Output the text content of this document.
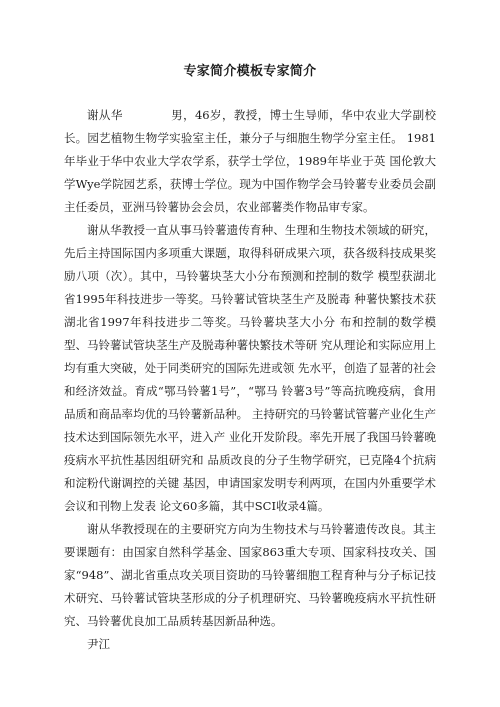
专家简介模板专家简介

谢从华	男，46岁，教授，博士生导师，华中农业大学副校长。园艺植物生物学实验室主任，兼分子与细胞生物学分室主任。 1981年毕业于华中农业大学农学系，获学士学位，1989年毕业于英 国伦敦大学Wye学院园艺系，获博士学位。现为中国作物学会马铃薯专业委员会副主任委员，亚洲马铃薯协会会员，农业部薯类作物品审专家。

谢从华教授一直从事马铃薯遗传育种、生理和生物技术领域的研究，先后主持国际国内多项重大课题，取得科研成果六项，获各级科技成果奖励八项（次）。其中，马铃薯块茎大小分布预测和控制的数学 模型获湖北省1995年科技进步一等奖。马铃薯试管块茎生产及脱毒 种薯快繁技术获湖北省1997年科技进步二等奖。马铃薯块茎大小分 布和控制的数学模型、马铃薯试管块茎生产及脱毒种薯快繁技术等研 究从理论和实际应用上均有重大突破，处于同类研究的国际先进或领 先水平，创造了显著的社会和经济效益。育成“鄂马铃薯1号”，“鄂马 铃薯3号”等高抗晚疫病，食用品质和商品率均优的马铃薯新品种。 主持研究的马铃薯试管薯产业化生产技术达到国际领先水平，进入产 业化开发阶段。率先开展了我国马铃薯晚疫病水平抗性基因组研究和 品质改良的分子生物学研究，已克隆4个抗病和淀粉代谢调控的关键 基因，申请国家发明专利两项，在国内外重要学术会议和刊物上发表 论文60多篇，其中SCI收录4篇。

谢从华教授现在的主要研究方向为生物技术与马铃薯遗传改良。其主要课题有：由国家自然科学基金、国家863重大专项、国家科技攻关、国家“948”、湖北省重点攻关项目资助的马铃薯细胞工程育种与分子标记技术研究、马铃薯试管块茎形成的分子机理研究、马铃薯晚疫病水平抗性研究、马铃薯优良加工品质转基因新品种选。

尹江
